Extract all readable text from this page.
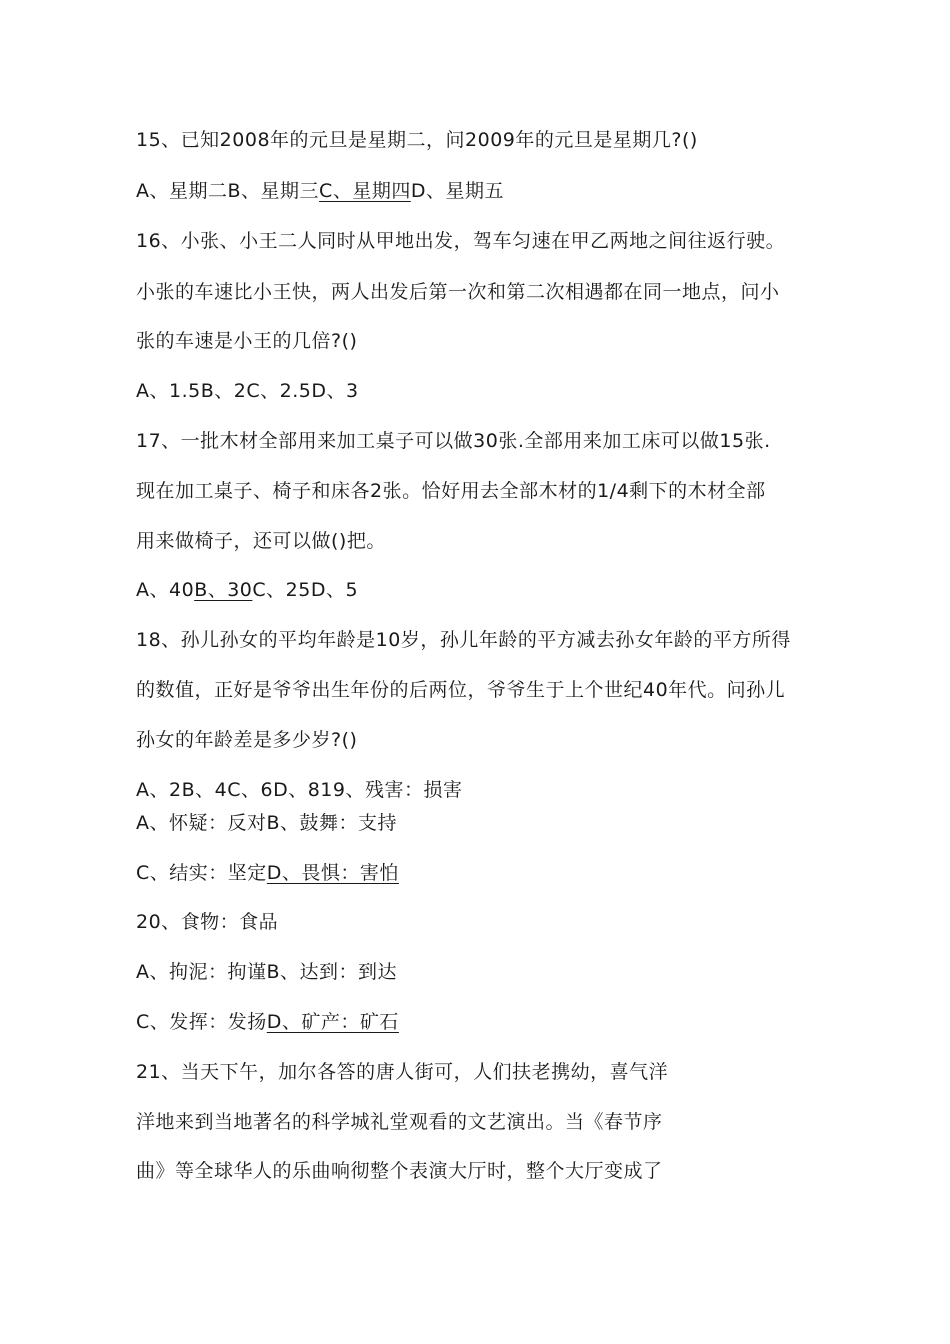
15、已知2008年的元旦是星期二，问2009年的元旦是星期几?()
A、星期二B、星期三C、星期四D、星期五
16、小张、小王二人同时从甲地出发，驾车匀速在甲乙两地之间往返行驶。
小张的车速比小王快，两人出发后第一次和第二次相遇都在同一地点，问小
张的车速是小王的几倍?()
A、1.5B、2C、2.5D、3
17、一批木材全部用来加工桌子可以做30张.全部用来加工床可以做15张.
现在加工桌子、椅子和床各2张。恰好用去全部木材的1/4剩下的木材全部
用来做椅子，还可以做()把。
A、40B、30C、25D、5
18、孙儿孙女的平均年龄是10岁，孙儿年龄的平方减去孙女年龄的平方所得
的数值，正好是爷爷出生年份的后两位，爷爷生于上个世纪40年代。问孙儿
孙女的年龄差是多少岁?()
A、2B、4C、6D、819、残害：损害
A、怀疑：反对B、鼓舞：支持
C、结实：坚定D、畏惧：害怕
20、食物：食品
A、拘泥：拘谨B、达到：到达
C、发挥：发扬D、矿产：矿石
21、当天下午，加尔各答的唐人街可，人们扶老携幼，喜气洋
洋地来到当地著名的科学城礼堂观看的文艺演出。当《春节序
曲》等全球华人的乐曲响彻整个表演大厅时，整个大厅变成了
